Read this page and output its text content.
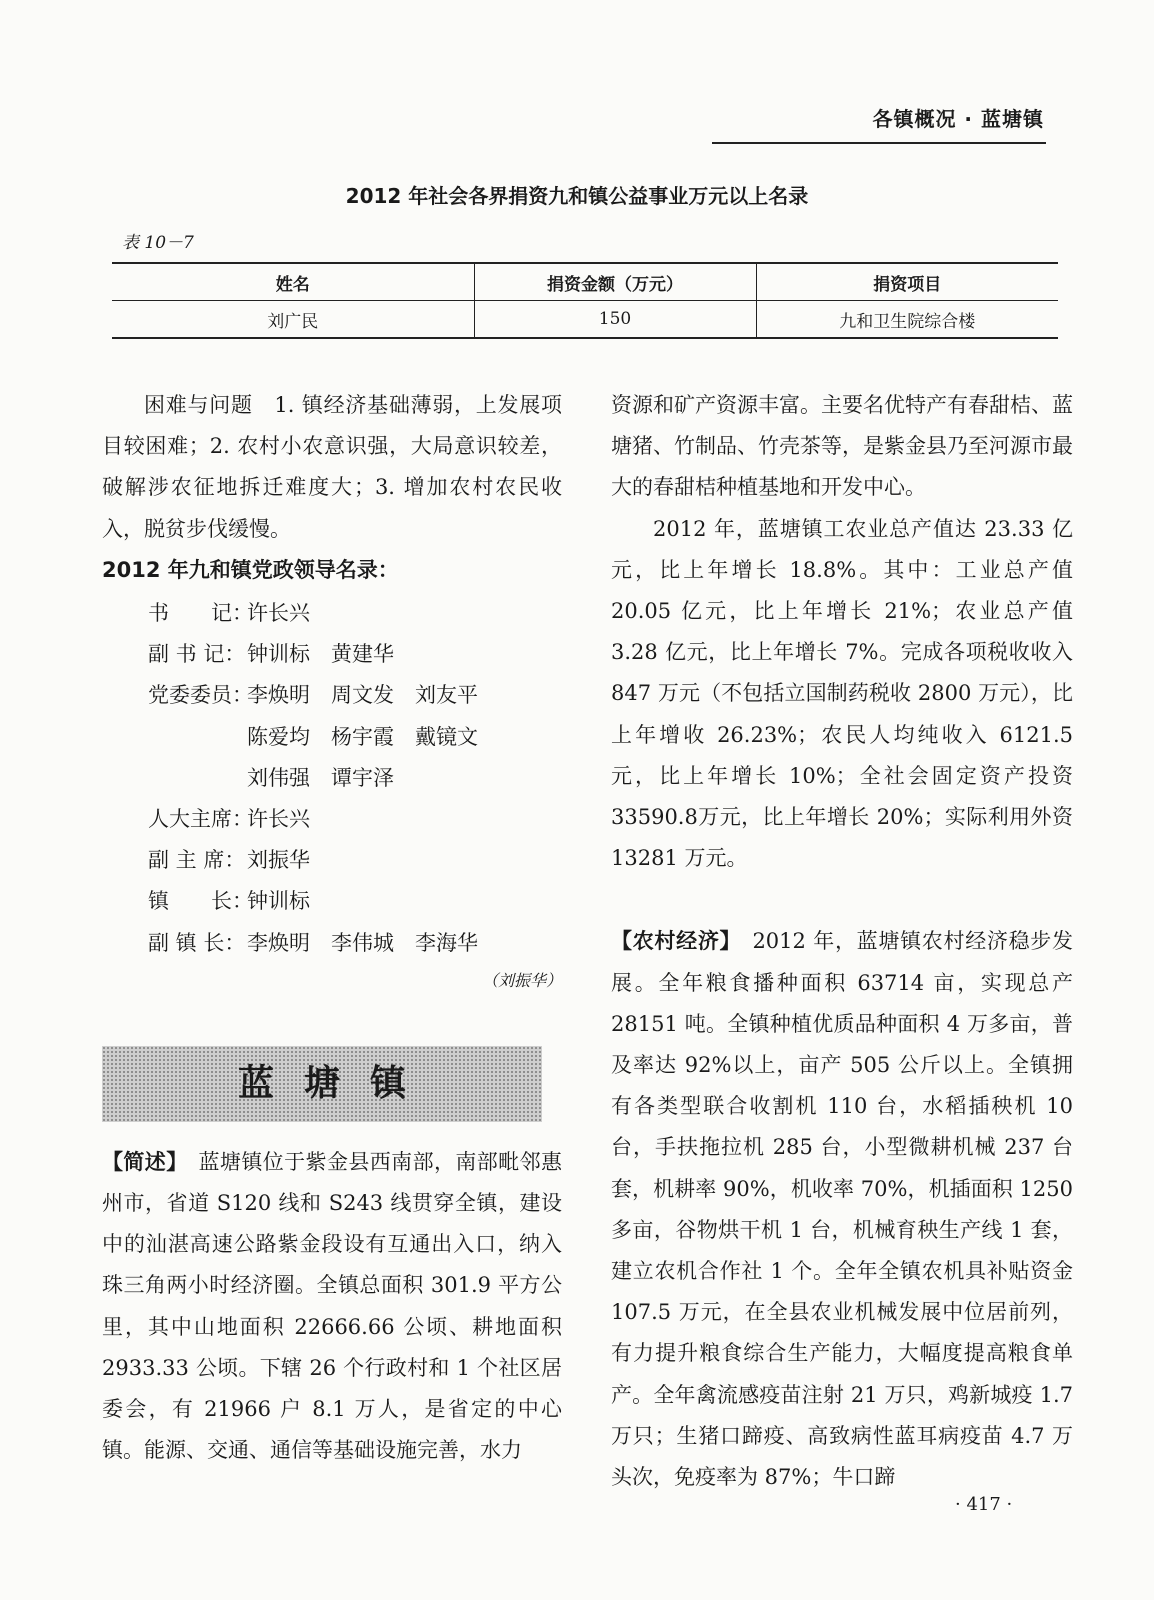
各镇概况 · 蓝塘镇
2012 年社会各界捐资九和镇公益事业万元以上名录
表 10－7
姓名	捐资金额（万元）	捐资项目
刘广民	150	九和卫生院综合楼

困难与问题　1. 镇经济基础薄弱，上发展项目较困难；2. 农村小农意识强，大局意识较差，破解涉农征地拆迁难度大；3. 增加农村农民收入，脱贫步伐缓慢。

2012 年九和镇党政领导名录：

书　　记：
许长兴
副 书 记： 钟训标　黄建华
党委委员：
李焕明　周文发　刘友平
陈爱均　杨宇霞　戴镜文
刘伟强　谭宇泽
人大主席：
许长兴
副 主 席： 刘振华
镇　　长：
钟训标
副 镇 长： 李焕明　李伟城　李海华
（刘振华）
蓝塘镇

【简述】　蓝塘镇位于紫金县西南部，南部毗邻惠州市，省道 S120 线和 S243 线贯穿全镇，建设中的汕湛高速公路紫金段设有互通出入口，纳入珠三角两小时经济圈。全镇总面积 301.9 平方公里，其中山地面积 22666.66 公顷、耕地面积 2933.33 公顷。下辖 26 个行政村和 1 个社区居委会，有 21966 户 8.1 万人，是省定的中心镇。能源、交通、通信等基础设施完善，水力

资源和矿产资源丰富。主要名优特产有春甜桔、蓝塘猪、竹制品、竹壳茶等，是紫金县乃至河源市最大的春甜桔种植基地和开发中心。

2012 年，蓝塘镇工农业总产值达 23.33 亿元，比上年增长 18.8%。其中：工业总产值 20.05 亿元，比上年增长 21%；农业总产值 3.28 亿元，比上年增长 7%。完成各项税收收入 847 万元（不包括立国制药税收 2800 万元），比上年增收 26.23%；农民人均纯收入 6121.5 元，比上年增长 10%；全社会固定资产投资 33590.8万元，比上年增长 20%；实际利用外资 13281 万元。

【农村经济】　2012 年，蓝塘镇农村经济稳步发展。全年粮食播种面积 63714 亩，实现总产 28151 吨。全镇种植优质品种面积 4 万多亩，普及率达 92%以上，亩产 505 公斤以上。全镇拥有各类型联合收割机 110 台，水稻插秧机 10 台，手扶拖拉机 285 台，小型微耕机械 237 台套，机耕率 90%，机收率 70%，机插面积 1250 多亩，谷物烘干机 1 台，机械育秧生产线 1 套，建立农机合作社 1 个。全年全镇农机具补贴资金 107.5 万元，在全县农业机械发展中位居前列，有力提升粮食综合生产能力，大幅度提高粮食单产。全年禽流感疫苗注射 21 万只，鸡新城疫 1.7 万只；生猪口蹄疫、高致病性蓝耳病疫苗 4.7 万头次，免疫率为 87%；牛口蹄

· 417 ·
